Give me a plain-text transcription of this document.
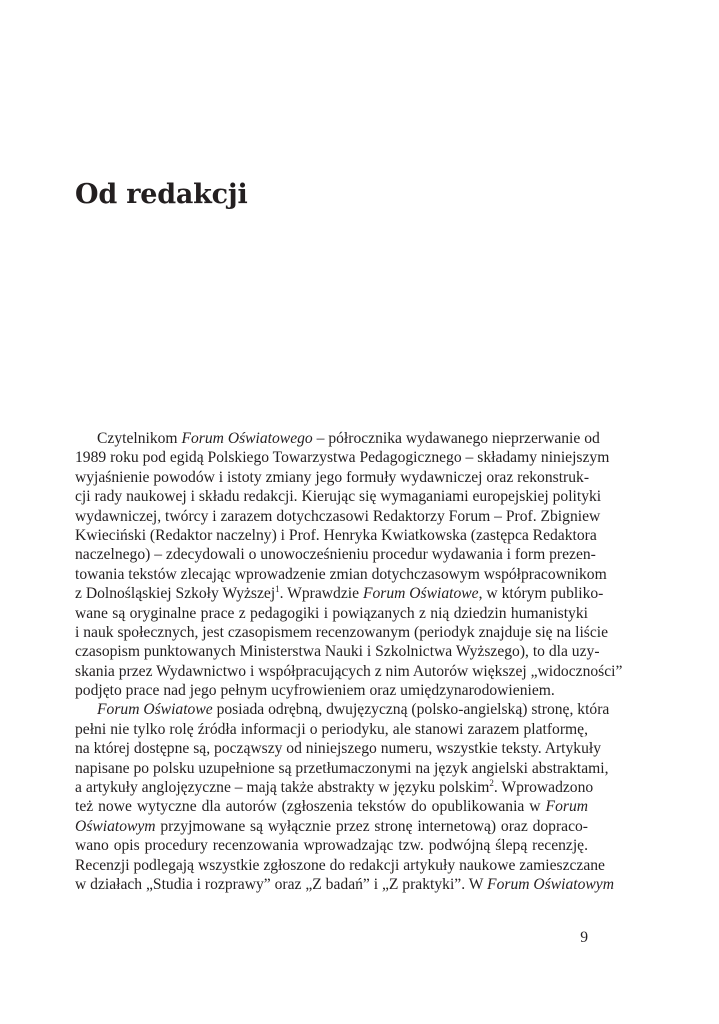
Od redakcji
Czytelnikom Forum Oświatowego – półrocznika wydawanego nieprzerwanie od
1989 roku pod egidą Polskiego Towarzystwa Pedagogicznego – składamy niniejszym
wyjaśnienie powodów i istoty zmiany jego formuły wydawniczej oraz rekonstruk-
cji rady naukowej i składu redakcji. Kierując się wymaganiami europejskiej polityki
wydawniczej, twórcy i zarazem dotychczasowi Redaktorzy Forum – Prof. Zbigniew
Kwieciński (Redaktor naczelny) i Prof. Henryka Kwiatkowska (zastępca Redaktora
naczelnego) – zdecydowali o unowocześnieniu procedur wydawania i form prezen-
towania tekstów zlecając wprowadzenie zmian dotychczasowym współpracownikom
z Dolnośląskiej Szkoły Wyższej$^1$. Wprawdzie Forum Oświatowe, w którym publiko-
wane są oryginalne prace z pedagogiki i powiązanych z nią dziedzin humanistyki
i nauk społecznych, jest czasopismem recenzowanym (periodyk znajduje się na liście
czasopism punktowanych Ministerstwa Nauki i Szkolnictwa Wyższego), to dla uzy-
skania przez Wydawnictwo i współpracujących z nim Autorów większej „widoczności”
podjęto prace nad jego pełnym ucyfrowieniem oraz umiędzynarodowieniem.
Forum Oświatowe posiada odrębną, dwujęzyczną (polsko-angielską) stronę, która
pełni nie tylko rolę źródła informacji o periodyku, ale stanowi zarazem platformę,
na której dostępne są, począwszy od niniejszego numeru, wszystkie teksty. Artykuły
napisane po polsku uzupełnione są przetłumaczonymi na język angielski abstraktami,
a artykuły anglojęzyczne – mają także abstrakty w języku polskim$^2$. Wprowadzono
też nowe wytyczne dla autorów (zgłoszenia tekstów do opublikowania w Forum
Oświatowym przyjmowane są wyłącznie przez stronę internetową) oraz dopraco-
wano opis procedury recenzowania wprowadzając tzw. podwójną ślepą recenzję.
Recenzji podlegają wszystkie zgłoszone do redakcji artykuły naukowe zamieszczane
w działach „Studia i rozprawy” oraz „Z badań” i „Z praktyki”. W Forum Oświatowym
9
